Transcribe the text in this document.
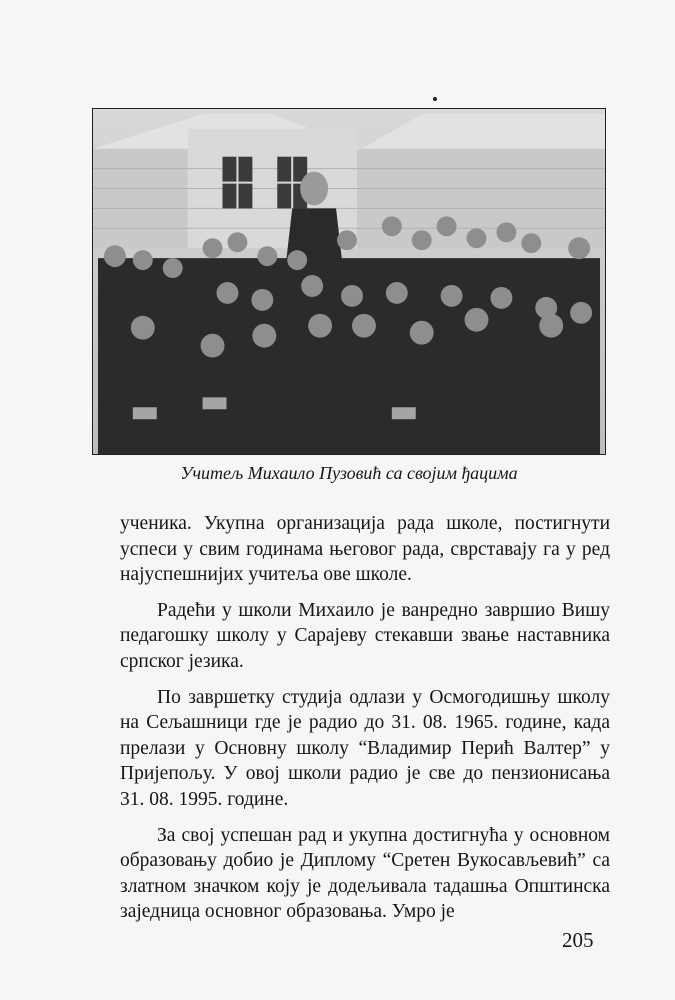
Учитељ Михаило Пузовић са својим ђацима

ученика. Укупна организација рада школе, постигнути успеси у свим годинама његовог рада, сврставају га у ред најуспешнијих учитеља ове школе.

Радећи у школи Михаило је ванредно завршио Вишу педагошку школу у Сарајеву стекавши звање наставника српског језика.

По завршетку студија одлази у Осмогодишњу школу на Сељашници где је радио до 31. 08. 1965. године, када прелази у Основну школу “Владимир Перић Валтер” у Пријепољу. У овој школи радио је све до пензионисања 31. 08. 1995. године.

За свој успешан рад и укупна достигнућа у основном образовању добио је Диплому “Сретен Вукосављевић” са златном значком коју је додељивала тадашња Општинска заједница основног образовања. Умро је

205
